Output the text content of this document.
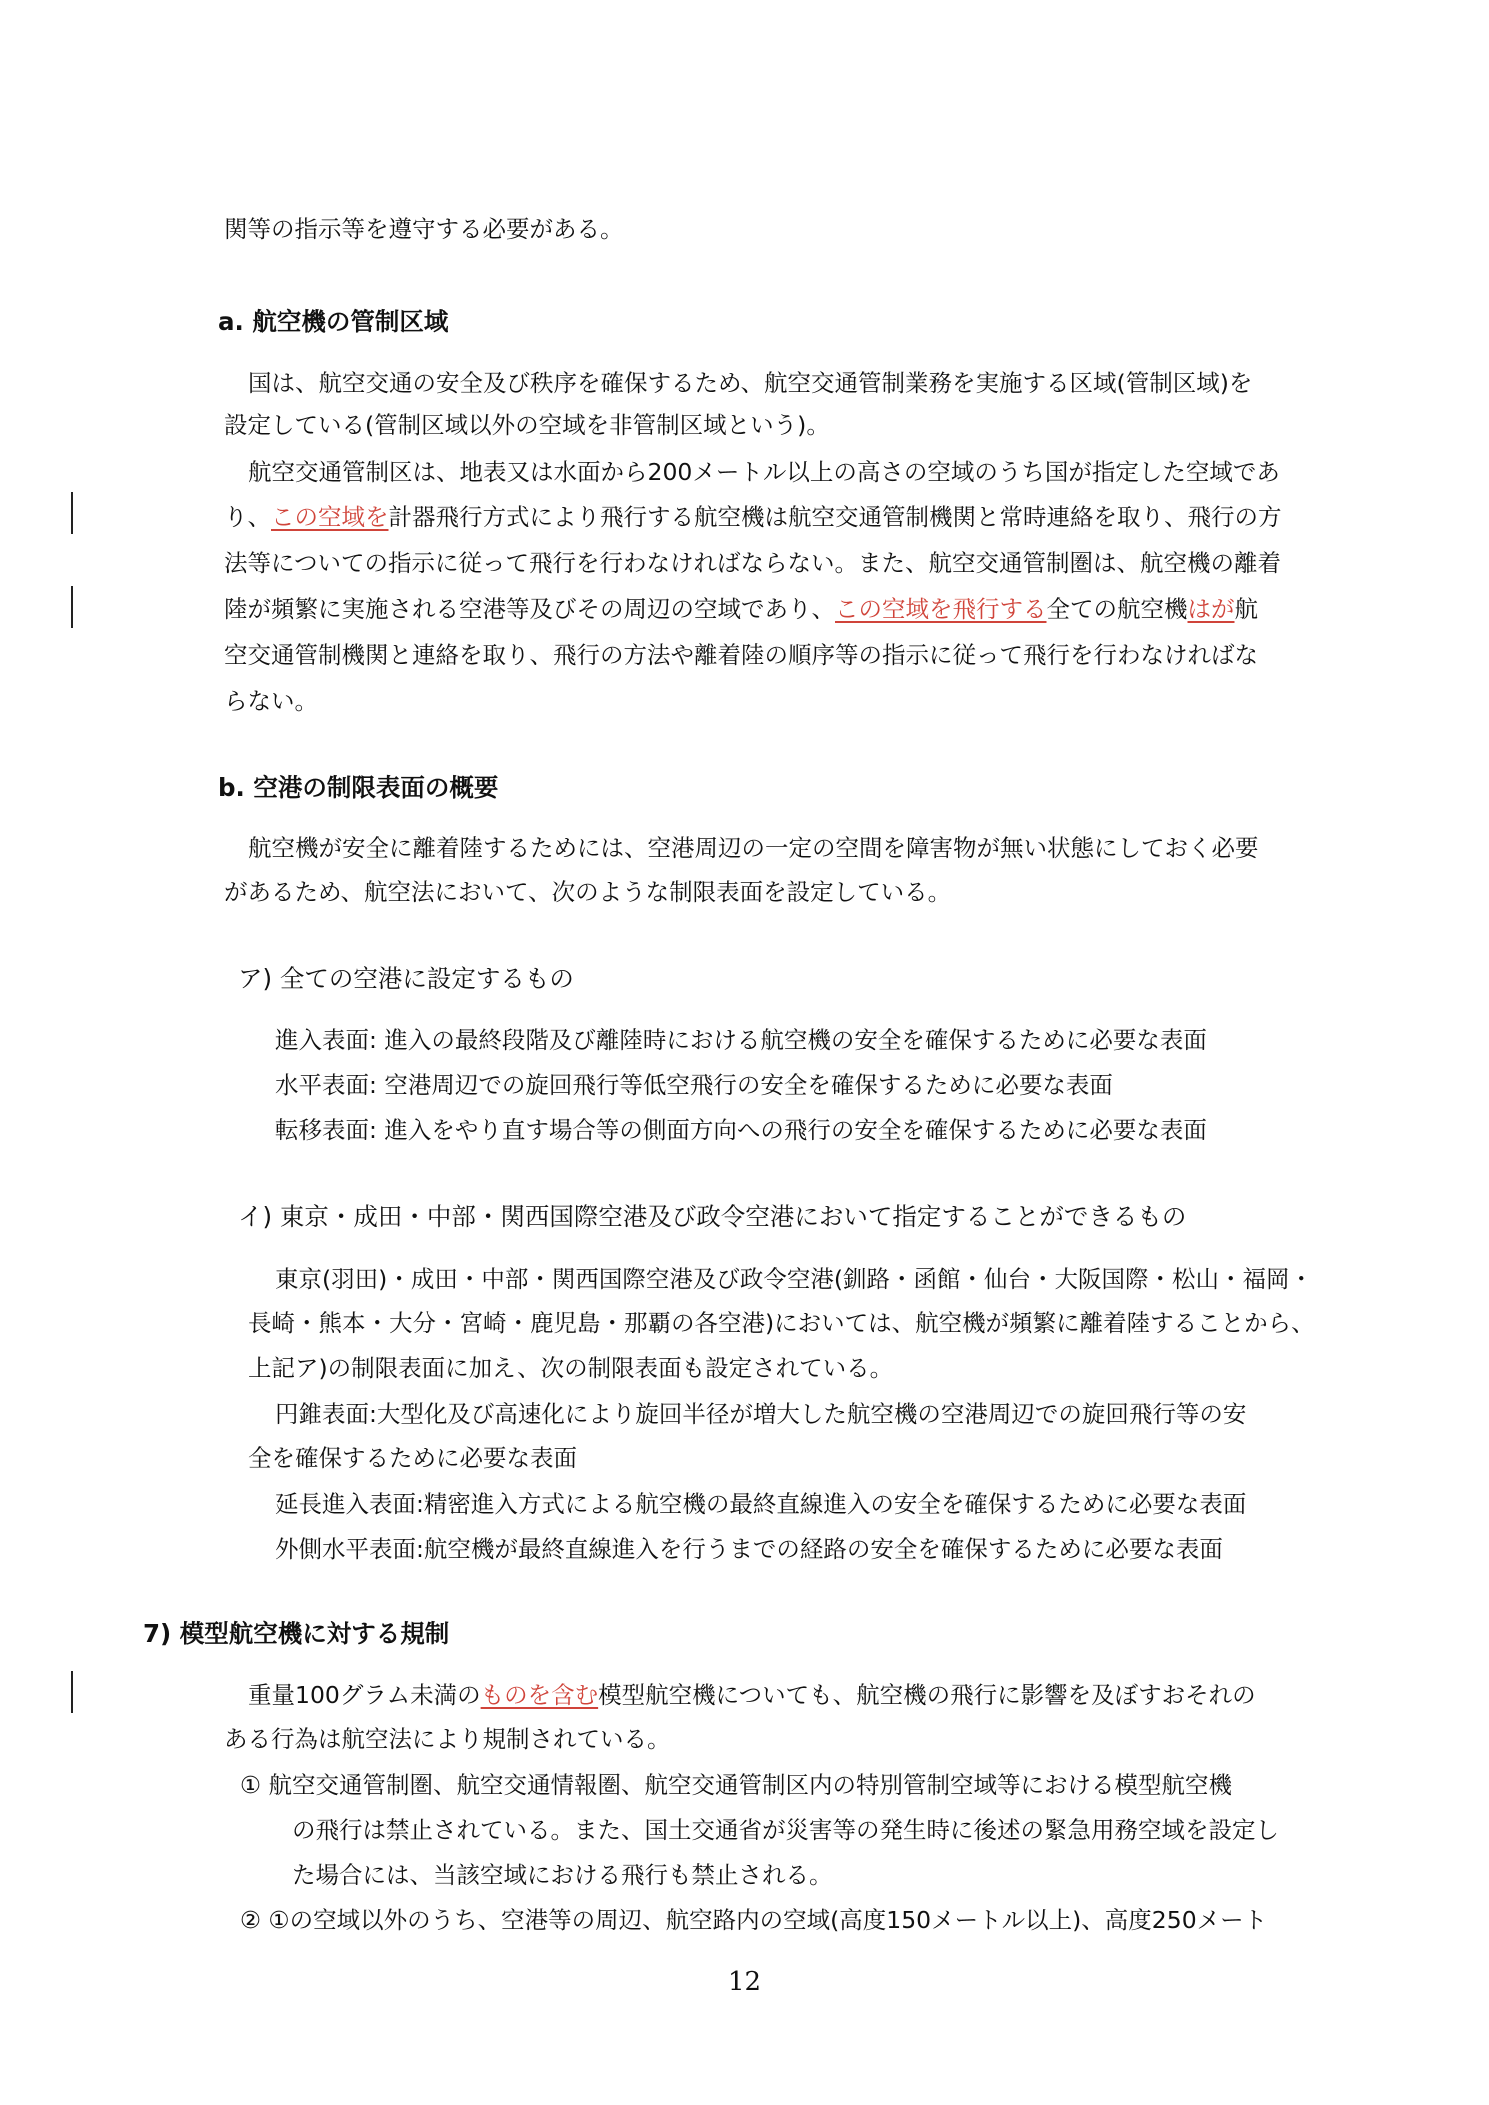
関等の指示等を遵守する必要がある。
a. 航空機の管制区域
国は、航空交通の安全及び秩序を確保するため、航空交通管制業務を実施する区域(管制区域)を
設定している(管制区域以外の空域を非管制区域という)。
航空交通管制区は、地表又は水面から200メートル以上の高さの空域のうち国が指定した空域であ
り、この空域を計器飛行方式により飛行する航空機は航空交通管制機関と常時連絡を取り、飛行の方
法等についての指示に従って飛行を行わなければならない。また、航空交通管制圏は、航空機の離着
陸が頻繁に実施される空港等及びその周辺の空域であり、この空域を飛行する全ての航空機はが航
空交通管制機関と連絡を取り、飛行の方法や離着陸の順序等の指示に従って飛行を行わなければな
らない。
b. 空港の制限表面の概要
航空機が安全に離着陸するためには、空港周辺の一定の空間を障害物が無い状態にしておく必要
があるため、航空法において、次のような制限表面を設定している。
ア) 全ての空港に設定するもの
進入表面: 進入の最終段階及び離陸時における航空機の安全を確保するために必要な表面
水平表面: 空港周辺での旋回飛行等低空飛行の安全を確保するために必要な表面
転移表面: 進入をやり直す場合等の側面方向への飛行の安全を確保するために必要な表面
イ) 東京・成田・中部・関西国際空港及び政令空港において指定することができるもの
東京(羽田)・成田・中部・関西国際空港及び政令空港(釧路・函館・仙台・大阪国際・松山・福岡・
長崎・熊本・大分・宮崎・鹿児島・那覇の各空港)においては、航空機が頻繁に離着陸することから、
上記ア)の制限表面に加え、次の制限表面も設定されている。
円錐表面:大型化及び高速化により旋回半径が増大した航空機の空港周辺での旋回飛行等の安
全を確保するために必要な表面
延長進入表面:精密進入方式による航空機の最終直線進入の安全を確保するために必要な表面
外側水平表面:航空機が最終直線進入を行うまでの経路の安全を確保するために必要な表面
7) 模型航空機に対する規制
重量100グラム未満のものを含む模型航空機についても、航空機の飛行に影響を及ぼすおそれの
ある行為は航空法により規制されている。
① 航空交通管制圏、航空交通情報圏、航空交通管制区内の特別管制空域等における模型航空機
の飛行は禁止されている。また、国土交通省が災害等の発生時に後述の緊急用務空域を設定し
た場合には、当該空域における飛行も禁止される。
② ①の空域以外のうち、空港等の周辺、航空路内の空域(高度150メートル以上)、高度250メート
12
